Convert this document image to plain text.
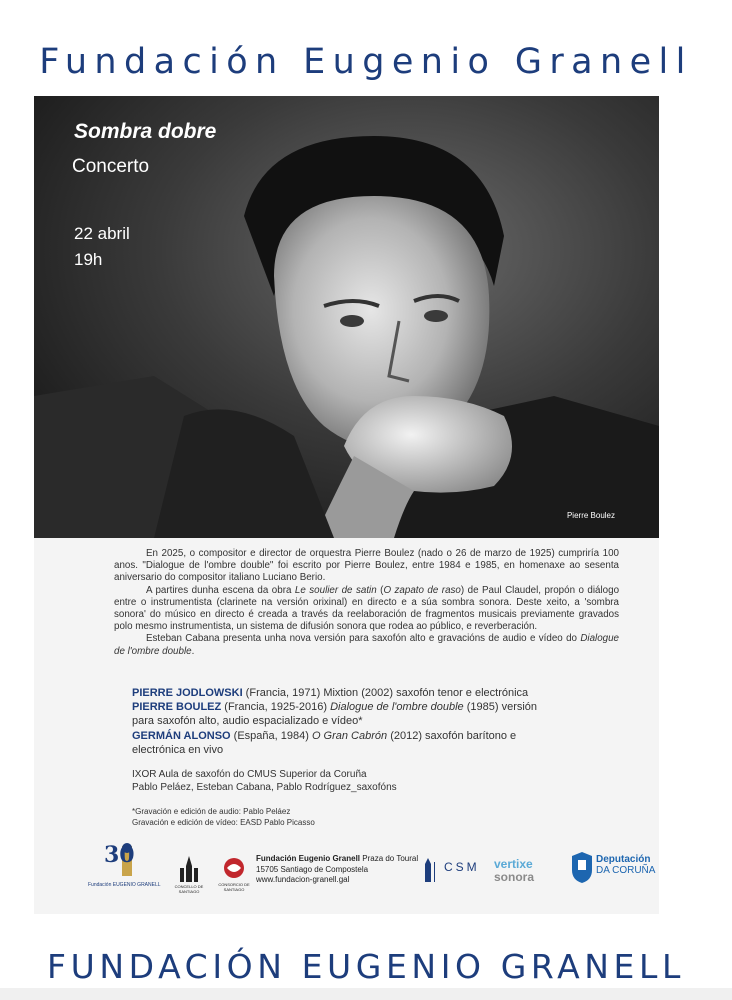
Fundación Eugenio Granell
Sombra dobre
Concerto
22 abril
19h
Pierre Boulez

En 2025, o compositor e director de orquestra Pierre Boulez (nado o 26 de marzo de 1925) cumpriría 100 anos. "Dialogue de l'ombre double" foi escrito por Pierre Boulez, entre 1984 e 1985, en homenaxe ao sesenta aniversario do compositor italiano Luciano Berio.

A partires dunha escena da obra Le soulier de satin (O zapato de raso) de Paul Claudel, propón o diálogo entre o instrumentista (clarinete na versión orixinal) en directo e a súa sombra sonora. Deste xeito, a 'sombra sonora' do músico en directo é creada a través da reelaboración de fragmentos musicais previamente gravados polo mesmo instrumentista, un sistema de difusión sonora que rodea ao público, e reverberación.

Esteban Cabana presenta unha nova versión para saxofón alto e gravacións de audio e vídeo do Dialogue de l'ombre double.

PIERRE JODLOWSKI (Francia, 1971) Mixtion (2002) saxofón tenor e electrónica

PIERRE BOULEZ (Francia, 1925-2016) Dialogue de l'ombre double (1985) versión para saxofón alto, audio espacializado e vídeo*

GERMÁN ALONSO (España, 1984) O Gran Cabrón (2012) saxofón barítono e electrónica en vivo

IXOR Aula de saxofón do CMUS Superior da Coruña
Pablo Peláez, Esteban Cabana, Pablo Rodríguez_saxofóns
*Gravación e edición de audio: Pablo Peláez
Gravación e edición de vídeo: EASD Pablo Picasso
30
Fundación EUGENIO GRANELL	CONCELLO DE SANTIAGO
CONSORCIO DE SANTIAGO
Fundación Eugenio Granell Praza do Toural
15705 Santiago de Compostela
www.fundacion-granell.gal
CSM vertixe
sonora
Deputación
DA CORUÑA
FUNDACIÓN EUGENIO GRANELL
